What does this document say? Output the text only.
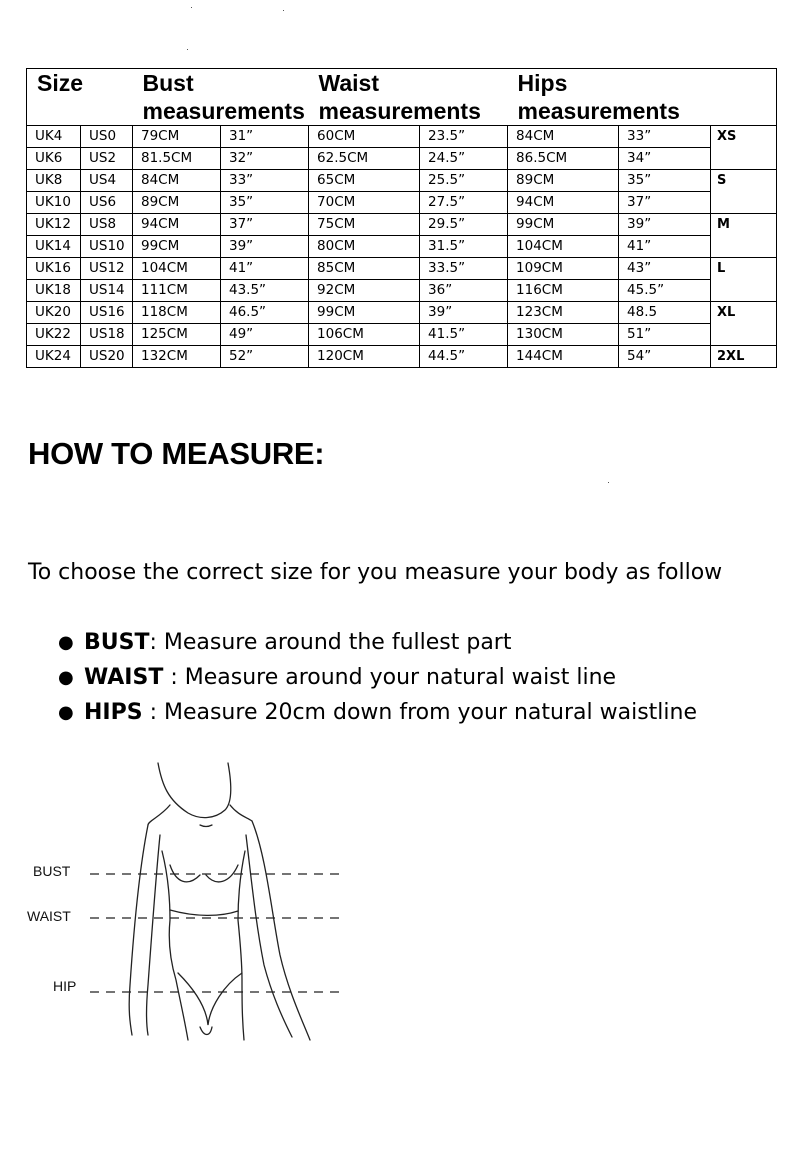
Size		Bust measurements		Waist measurements		Hips measurements		
UK4	US0	79CM	31”	60CM	23.5”	84CM	33”	XS
UK6	US2	81.5CM	32”	62.5CM	24.5”	86.5CM	34”	
UK8	US4	84CM	33”	65CM	25.5”	89CM	35”	S
UK10	US6	89CM	35”	70CM	27.5”	94CM	37”	
UK12	US8	94CM	37”	75CM	29.5”	99CM	39”	M
UK14	US10	99CM	39”	80CM	31.5”	104CM	41”	
UK16	US12	104CM	41”	85CM	33.5”	109CM	43”	L
UK18	US14	111CM	43.5”	92CM	36”	116CM	45.5”	
UK20	US16	118CM	46.5”	99CM	39”	123CM	48.5	XL
UK22	US18	125CM	49”	106CM	41.5”	130CM	51”	
UK24	US20	132CM	52”	120CM	44.5”	144CM	54”	2XL
HOW TO MEASURE:
To choose the correct size for you measure your body as follow
● BUST: Measure around the fullest part
● WAIST : Measure around your natural waist line
● HIPS : Measure 20cm down from your natural waistline
BUST
WAIST
HIP
